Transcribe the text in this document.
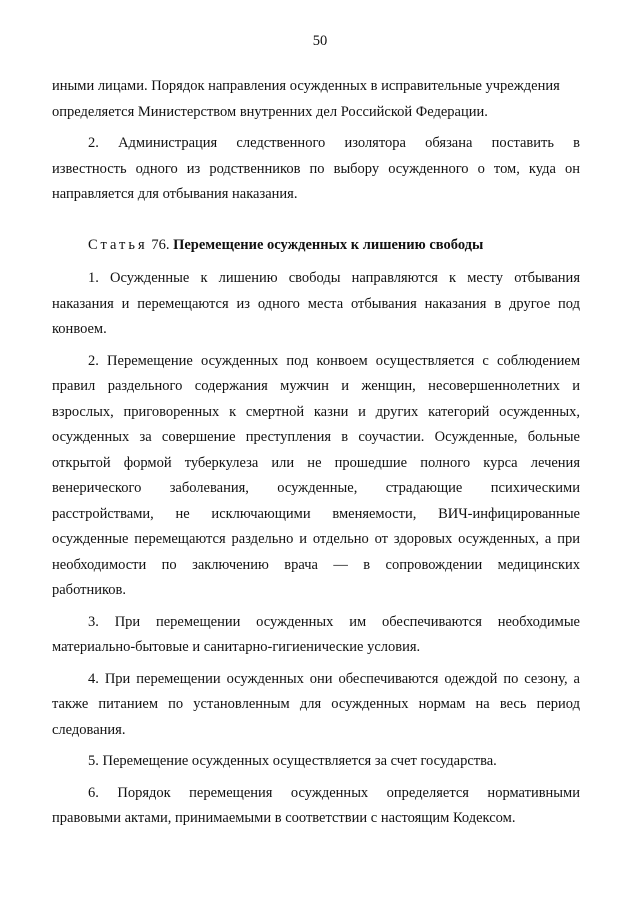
50

иными лицами. Порядок направления осужденных в исправительные учреждения
определяется Министерством внутренних дел Российской Федерации.

2. Администрация следственного изолятора обязана поставить в
известность одного из родственников по выбору осужденного о том, куда он
направляется для отбывания наказания.

Статья 76. Перемещение осужденных к лишению свободы

1. Осужденные к лишению свободы направляются к месту отбывания
наказания и перемещаются из одного места отбывания наказания в другое под
конвоем.

2. Перемещение осужденных под конвоем осуществляется с соблюдением
правил раздельного содержания мужчин и женщин, несовершеннолетних и
взрослых, приговоренных к смертной казни и других категорий осужденных,
осужденных за совершение преступления в соучастии. Осужденные, больные
открытой формой туберкулеза или не прошедшие полного курса лечения
венерического заболевания, осужденные, страдающие психическими
расстройствами, не исключающими вменяемости, ВИЧ-инфицированные
осужденные перемещаются раздельно и отдельно от здоровых осужденных, а при
необходимости по заключению врача — в сопровождении медицинских
работников.

3. При перемещении осужденных им обеспечиваются необходимые
материально-бытовые и санитарно-гигиенические условия.

4. При перемещении осужденных они обеспечиваются одеждой по сезону, а
также питанием по установленным для осужденных нормам на весь период
следования.

5. Перемещение осужденных осуществляется за счет государства.

6. Порядок перемещения осужденных определяется нормативными
правовыми актами, принимаемыми в соответствии с настоящим Кодексом.
